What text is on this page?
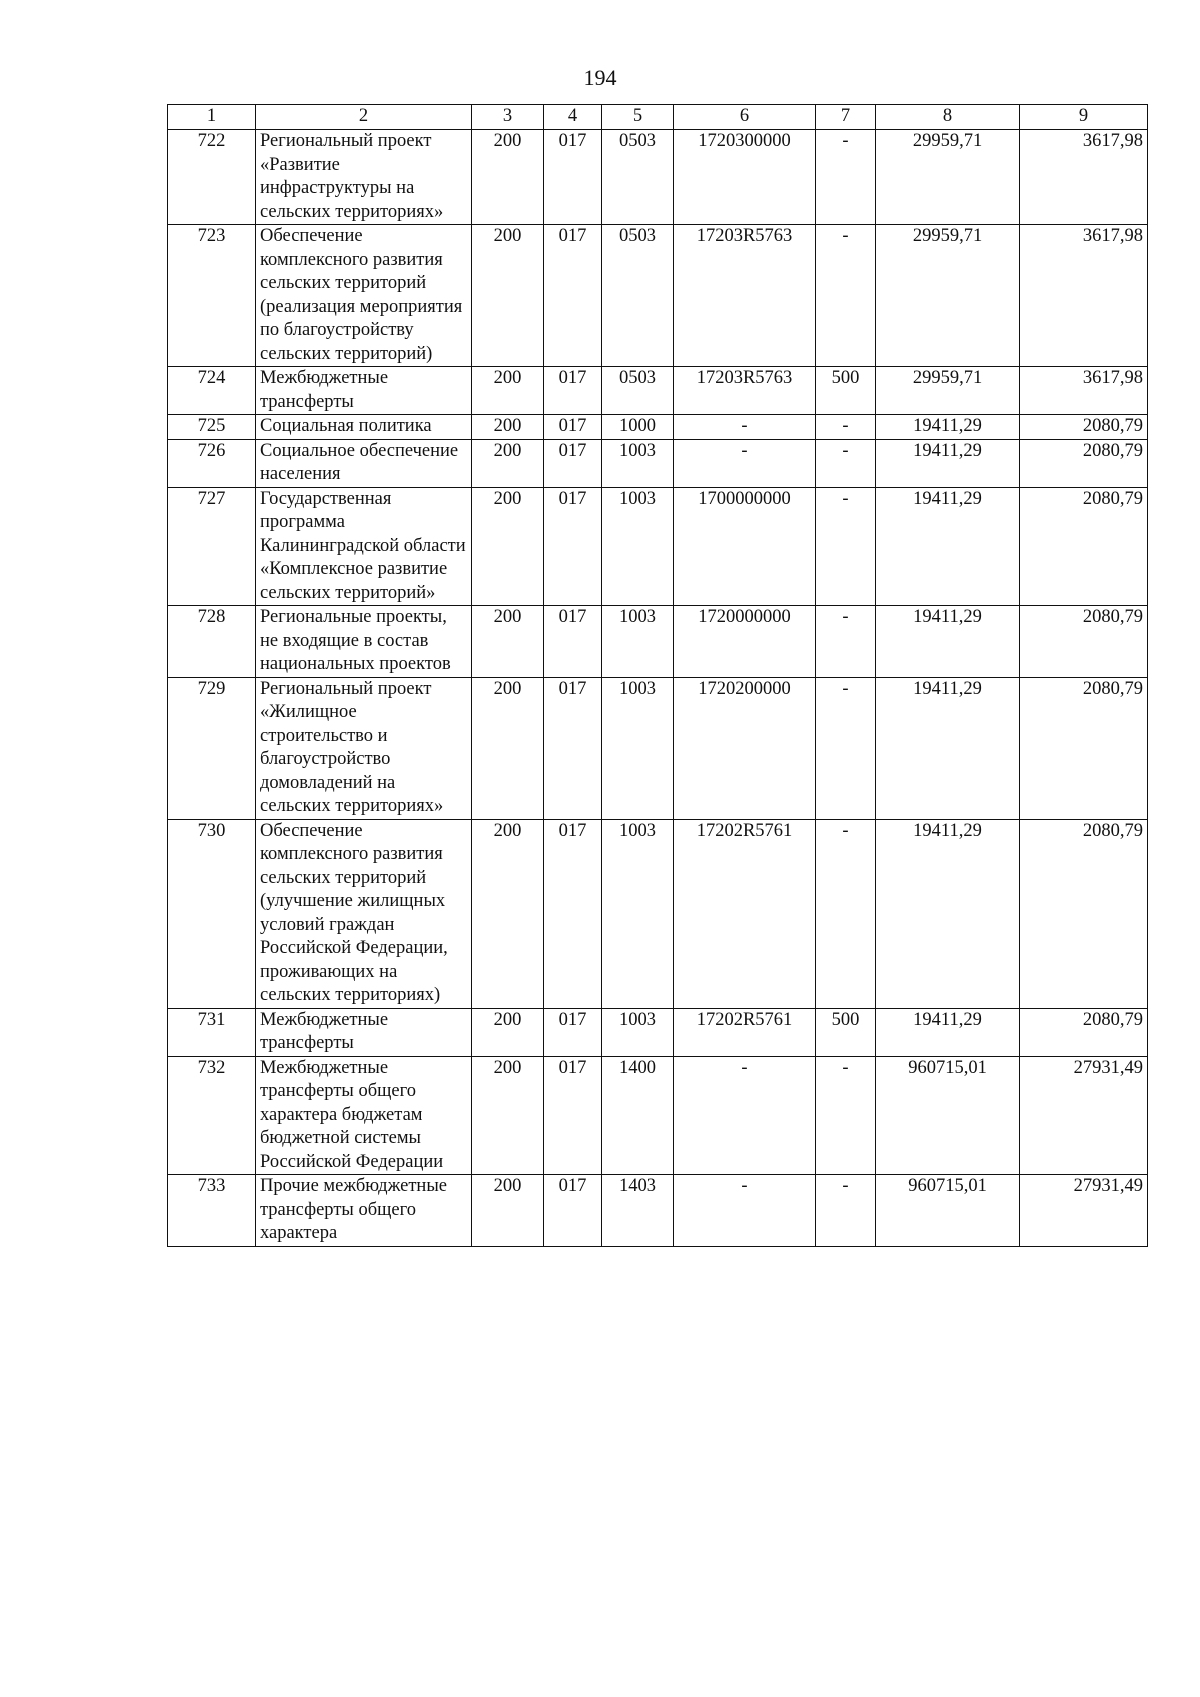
194
1	2	3	4	5	6	7	8	9
722	Региональный проект «Развитие инфраструктуры на сельских территориях»	200	017	0503	1720300000	-	29959,71	3617,98
723	Обеспечение комплексного развития сельских территорий (реализация мероприятия по благоустройству сельских территорий)	200	017	0503	17203R5763	-	29959,71	3617,98
724	Межбюджетные трансферты	200	017	0503	17203R5763	500	29959,71	3617,98
725	Социальная политика	200	017	1000	-	-	19411,29	2080,79
726	Социальное обеспечение населения	200	017	1003	-	-	19411,29	2080,79
727	Государственная программа Калининградской области «Комплексное развитие сельских территорий»	200	017	1003	1700000000	-	19411,29	2080,79
728	Региональные проекты, не входящие в состав национальных проектов	200	017	1003	1720000000	-	19411,29	2080,79
729	Региональный проект «Жилищное строительство и благоустройство домовладений на сельских территориях»	200	017	1003	1720200000	-	19411,29	2080,79
730	Обеспечение комплексного развития сельских территорий (улучшение жилищных условий граждан Российской Федерации, проживающих на сельских территориях)	200	017	1003	17202R5761	-	19411,29	2080,79
731	Межбюджетные трансферты	200	017	1003	17202R5761	500	19411,29	2080,79
732	Межбюджетные трансферты общего характера бюджетам бюджетной системы Российской Федерации	200	017	1400	-	-	960715,01	27931,49
733	Прочие межбюджетные трансферты общего характера	200	017	1403	-	-	960715,01	27931,49
